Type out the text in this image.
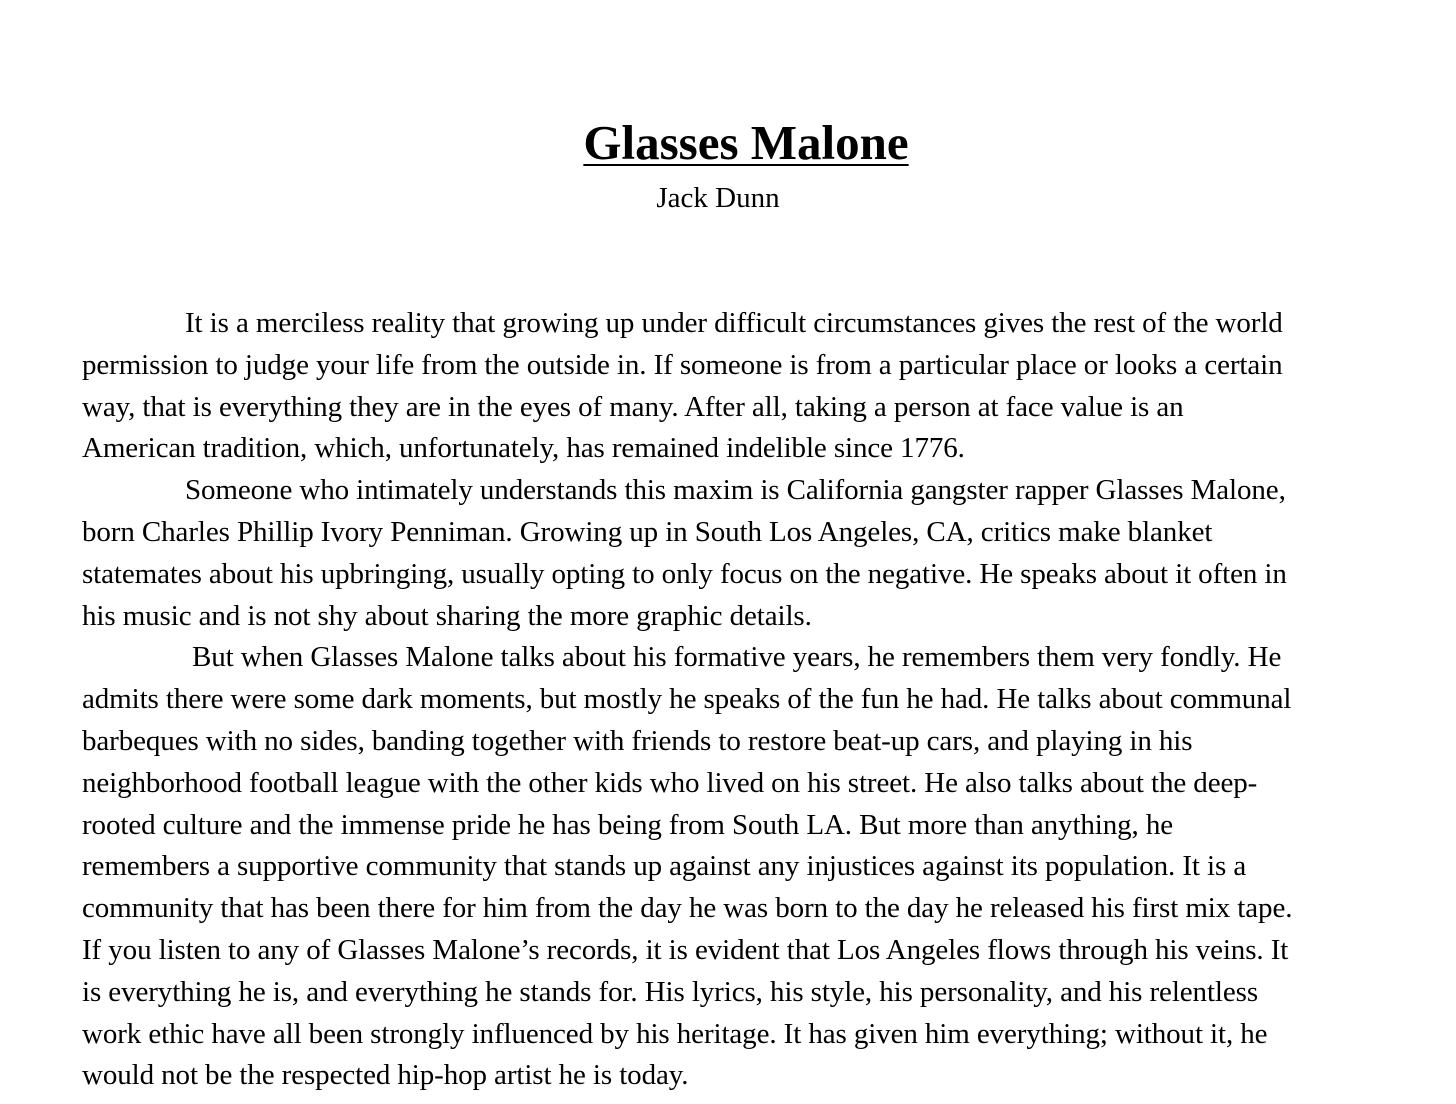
Glasses Malone

Jack Dunn

It is a merciless reality that growing up under difficult circumstances gives the rest of the world
permission to judge your life from the outside in. If someone is from a particular place or looks a certain
way, that is everything they are in the eyes of many. After all, taking a person at face value is an
American tradition, which, unfortunately, has remained indelible since 1776.
Someone who intimately understands this maxim is California gangster rapper Glasses Malone,
born Charles Phillip Ivory Penniman. Growing up in South Los Angeles, CA, critics make blanket
statemates about his upbringing, usually opting to only focus on the negative. He speaks about it often in
his music and is not shy about sharing the more graphic details.
But when Glasses Malone talks about his formative years, he remembers them very fondly. He
admits there were some dark moments, but mostly he speaks of the fun he had. He talks about communal
barbeques with no sides, banding together with friends to restore beat-up cars, and playing in his
neighborhood football league with the other kids who lived on his street. He also talks about the deep-
rooted culture and the immense pride he has being from South LA. But more than anything, he
remembers a supportive community that stands up against any injustices against its population. It is a
community that has been there for him from the day he was born to the day he released his first mix tape.
If you listen to any of Glasses Malone’s records, it is evident that Los Angeles flows through his veins. It
is everything he is, and everything he stands for. His lyrics, his style, his personality, and his relentless
work ethic have all been strongly influenced by his heritage. It has given him everything; without it, he
would not be the respected hip-hop artist he is today.
